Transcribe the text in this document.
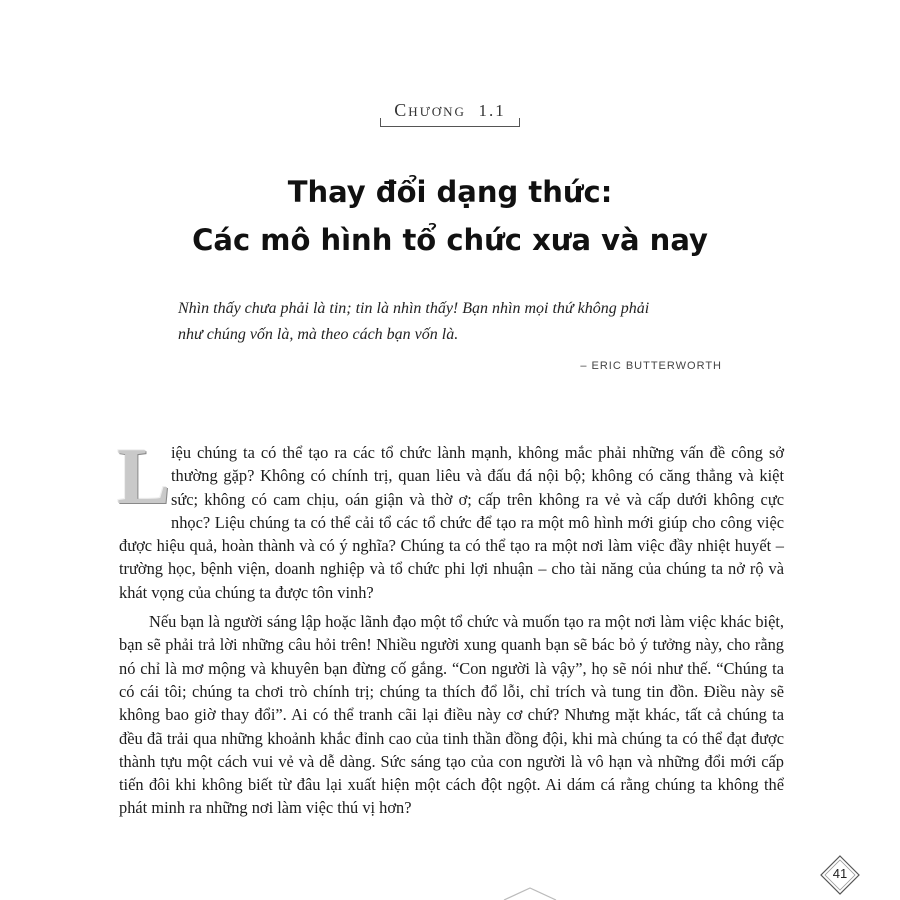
Chương 1.1
Thay đổi dạng thức:
Các mô hình tổ chức xưa và nay

Nhìn thấy chưa phải là tin; tin là nhìn thấy! Bạn nhìn mọi thứ không phải
như chúng vốn là, mà theo cách bạn vốn là.

– ERIC BUTTERWORTH

Liệu chúng ta có thể tạo ra các tổ chức lành mạnh, không mắc phải những vấn đề công sở thường gặp? Không có chính trị, quan liêu và đấu đá nội bộ; không có căng thẳng và kiệt sức; không có cam chịu, oán giận và thờ ơ; cấp trên không ra vẻ và cấp dưới không cực nhọc? Liệu chúng ta có thể cải tổ các tổ chức để tạo ra một mô hình mới giúp cho công việc được hiệu quả, hoàn thành và có ý nghĩa? Chúng ta có thể tạo ra một nơi làm việc đầy nhiệt huyết – trường học, bệnh viện, doanh nghiệp và tổ chức phi lợi nhuận – cho tài năng của chúng ta nở rộ và khát vọng của chúng ta được tôn vinh?

Nếu bạn là người sáng lập hoặc lãnh đạo một tổ chức và muốn tạo ra một nơi làm việc khác biệt, bạn sẽ phải trả lời những câu hỏi trên! Nhiều người xung quanh bạn sẽ bác bỏ ý tưởng này, cho rằng nó chỉ là mơ mộng và khuyên bạn đừng cố gắng. “Con người là vậy”, họ sẽ nói như thế. “Chúng ta có cái tôi; chúng ta chơi trò chính trị; chúng ta thích đổ lỗi, chỉ trích và tung tin đồn. Điều này sẽ không bao giờ thay đổi”. Ai có thể tranh cãi lại điều này cơ chứ? Nhưng mặt khác, tất cả chúng ta đều đã trải qua những khoảnh khắc đỉnh cao của tinh thần đồng đội, khi mà chúng ta có thể đạt được thành tựu một cách vui vẻ và dễ dàng. Sức sáng tạo của con người là vô hạn và những đổi mới cấp tiến đôi khi không biết từ đâu lại xuất hiện một cách đột ngột. Ai dám cá rằng chúng ta không thể phát minh ra những nơi làm việc thú vị hơn?

41
